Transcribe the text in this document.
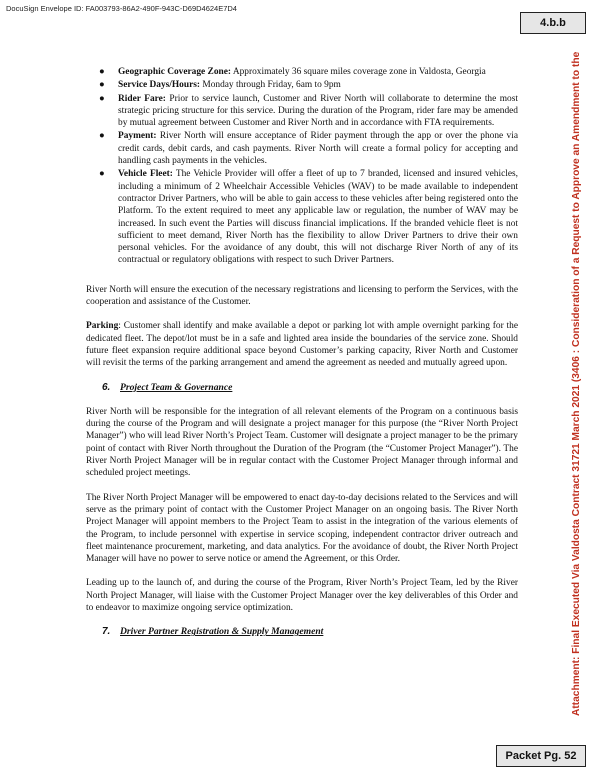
DocuSign Envelope ID: FA003793-86A2-490F-943C-D69D4624E7D4
4.b.b
Attachment: Final Executed Via Valdosta Contract 31721 March 2021 (3406 : Consideration of a Request to Approve an Amendment to the
● Geographic Coverage Zone: Approximately 36 square miles coverage zone in Valdosta, Georgia
● Service Days/Hours: Monday through Friday, 6am to 9pm
● Rider Fare: Prior to service launch, Customer and River North will collaborate to determine the most strategic pricing structure for this service. During the duration of the Program, rider fare may be amended by mutual agreement between Customer and River North and in accordance with FTA requirements.
● Payment: River North will ensure acceptance of Rider payment through the app or over the phone via credit cards, debit cards, and cash payments. River North will create a formal policy for accepting and handling cash payments in the vehicles.
● Vehicle Fleet: The Vehicle Provider will offer a fleet of up to 7 branded, licensed and insured vehicles, including a minimum of 2 Wheelchair Accessible Vehicles (WAV) to be made available to independent contractor Driver Partners, who will be able to gain access to these vehicles after being registered onto the Platform. To the extent required to meet any applicable law or regulation, the number of WAV may be increased. In such event the Parties will discuss financial implications. If the branded vehicle fleet is not sufficient to meet demand, River North has the flexibility to allow Driver Partners to drive their own personal vehicles. For the avoidance of any doubt, this will not discharge River North of any of its contractual or regulatory obligations with respect to such Driver Partners.

River North will ensure the execution of the necessary registrations and licensing to perform the Services, with the cooperation and assistance of the Customer.

Parking: Customer shall identify and make available a depot or parking lot with ample overnight parking for the dedicated fleet. The depot/lot must be in a safe and lighted area inside the boundaries of the service zone. Should future fleet expansion require additional space beyond Customer’s parking capacity, River North and Customer will revisit the terms of the parking arrangement and amend the agreement as needed and mutually agreed upon.

6.	Project Team & Governance

River North will be responsible for the integration of all relevant elements of the Program on a continuous basis during the course of the Program and will designate a project manager for this purpose (the “River North Project Manager”) who will lead River North’s Project Team. Customer will designate a project manager to be the primary point of contact with River North throughout the Duration of the Program (the “Customer Project Manager”). The River North Project Manager will be in regular contact with the Customer Project Manager through informal and scheduled project meetings.

The River North Project Manager will be empowered to enact day-to-day decisions related to the Services and will serve as the primary point of contact with the Customer Project Manager on an ongoing basis. The River North Project Manager will appoint members to the Project Team to assist in the integration of the various elements of the Program, to include personnel with expertise in service scoping, independent contractor driver outreach and fleet maintenance procurement, marketing, and data analytics. For the avoidance of doubt, the River North Project Manager will have no power to serve notice or amend the Agreement, or this Order.

Leading up to the launch of, and during the course of the Program, River North’s Project Team, led by the River North Project Manager, will liaise with the Customer Project Manager over the key deliverables of this Order and to endeavor to maximize ongoing service optimization.

7.	Driver Partner Registration & Supply Management
Packet Pg. 52
